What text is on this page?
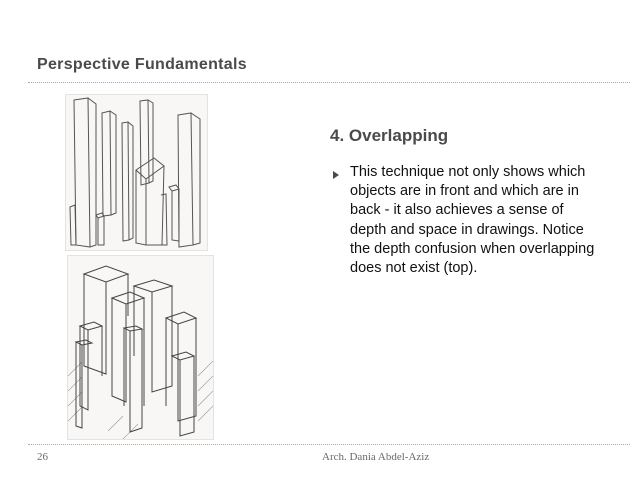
Perspective Fundamentals
4. Overlapping
This technique not only shows which objects are in front and which are in back - it also achieves a sense of depth and space in drawings. Notice the depth confusion when overlapping does not exist (top).
26	Arch. Dania Abdel-Aziz
